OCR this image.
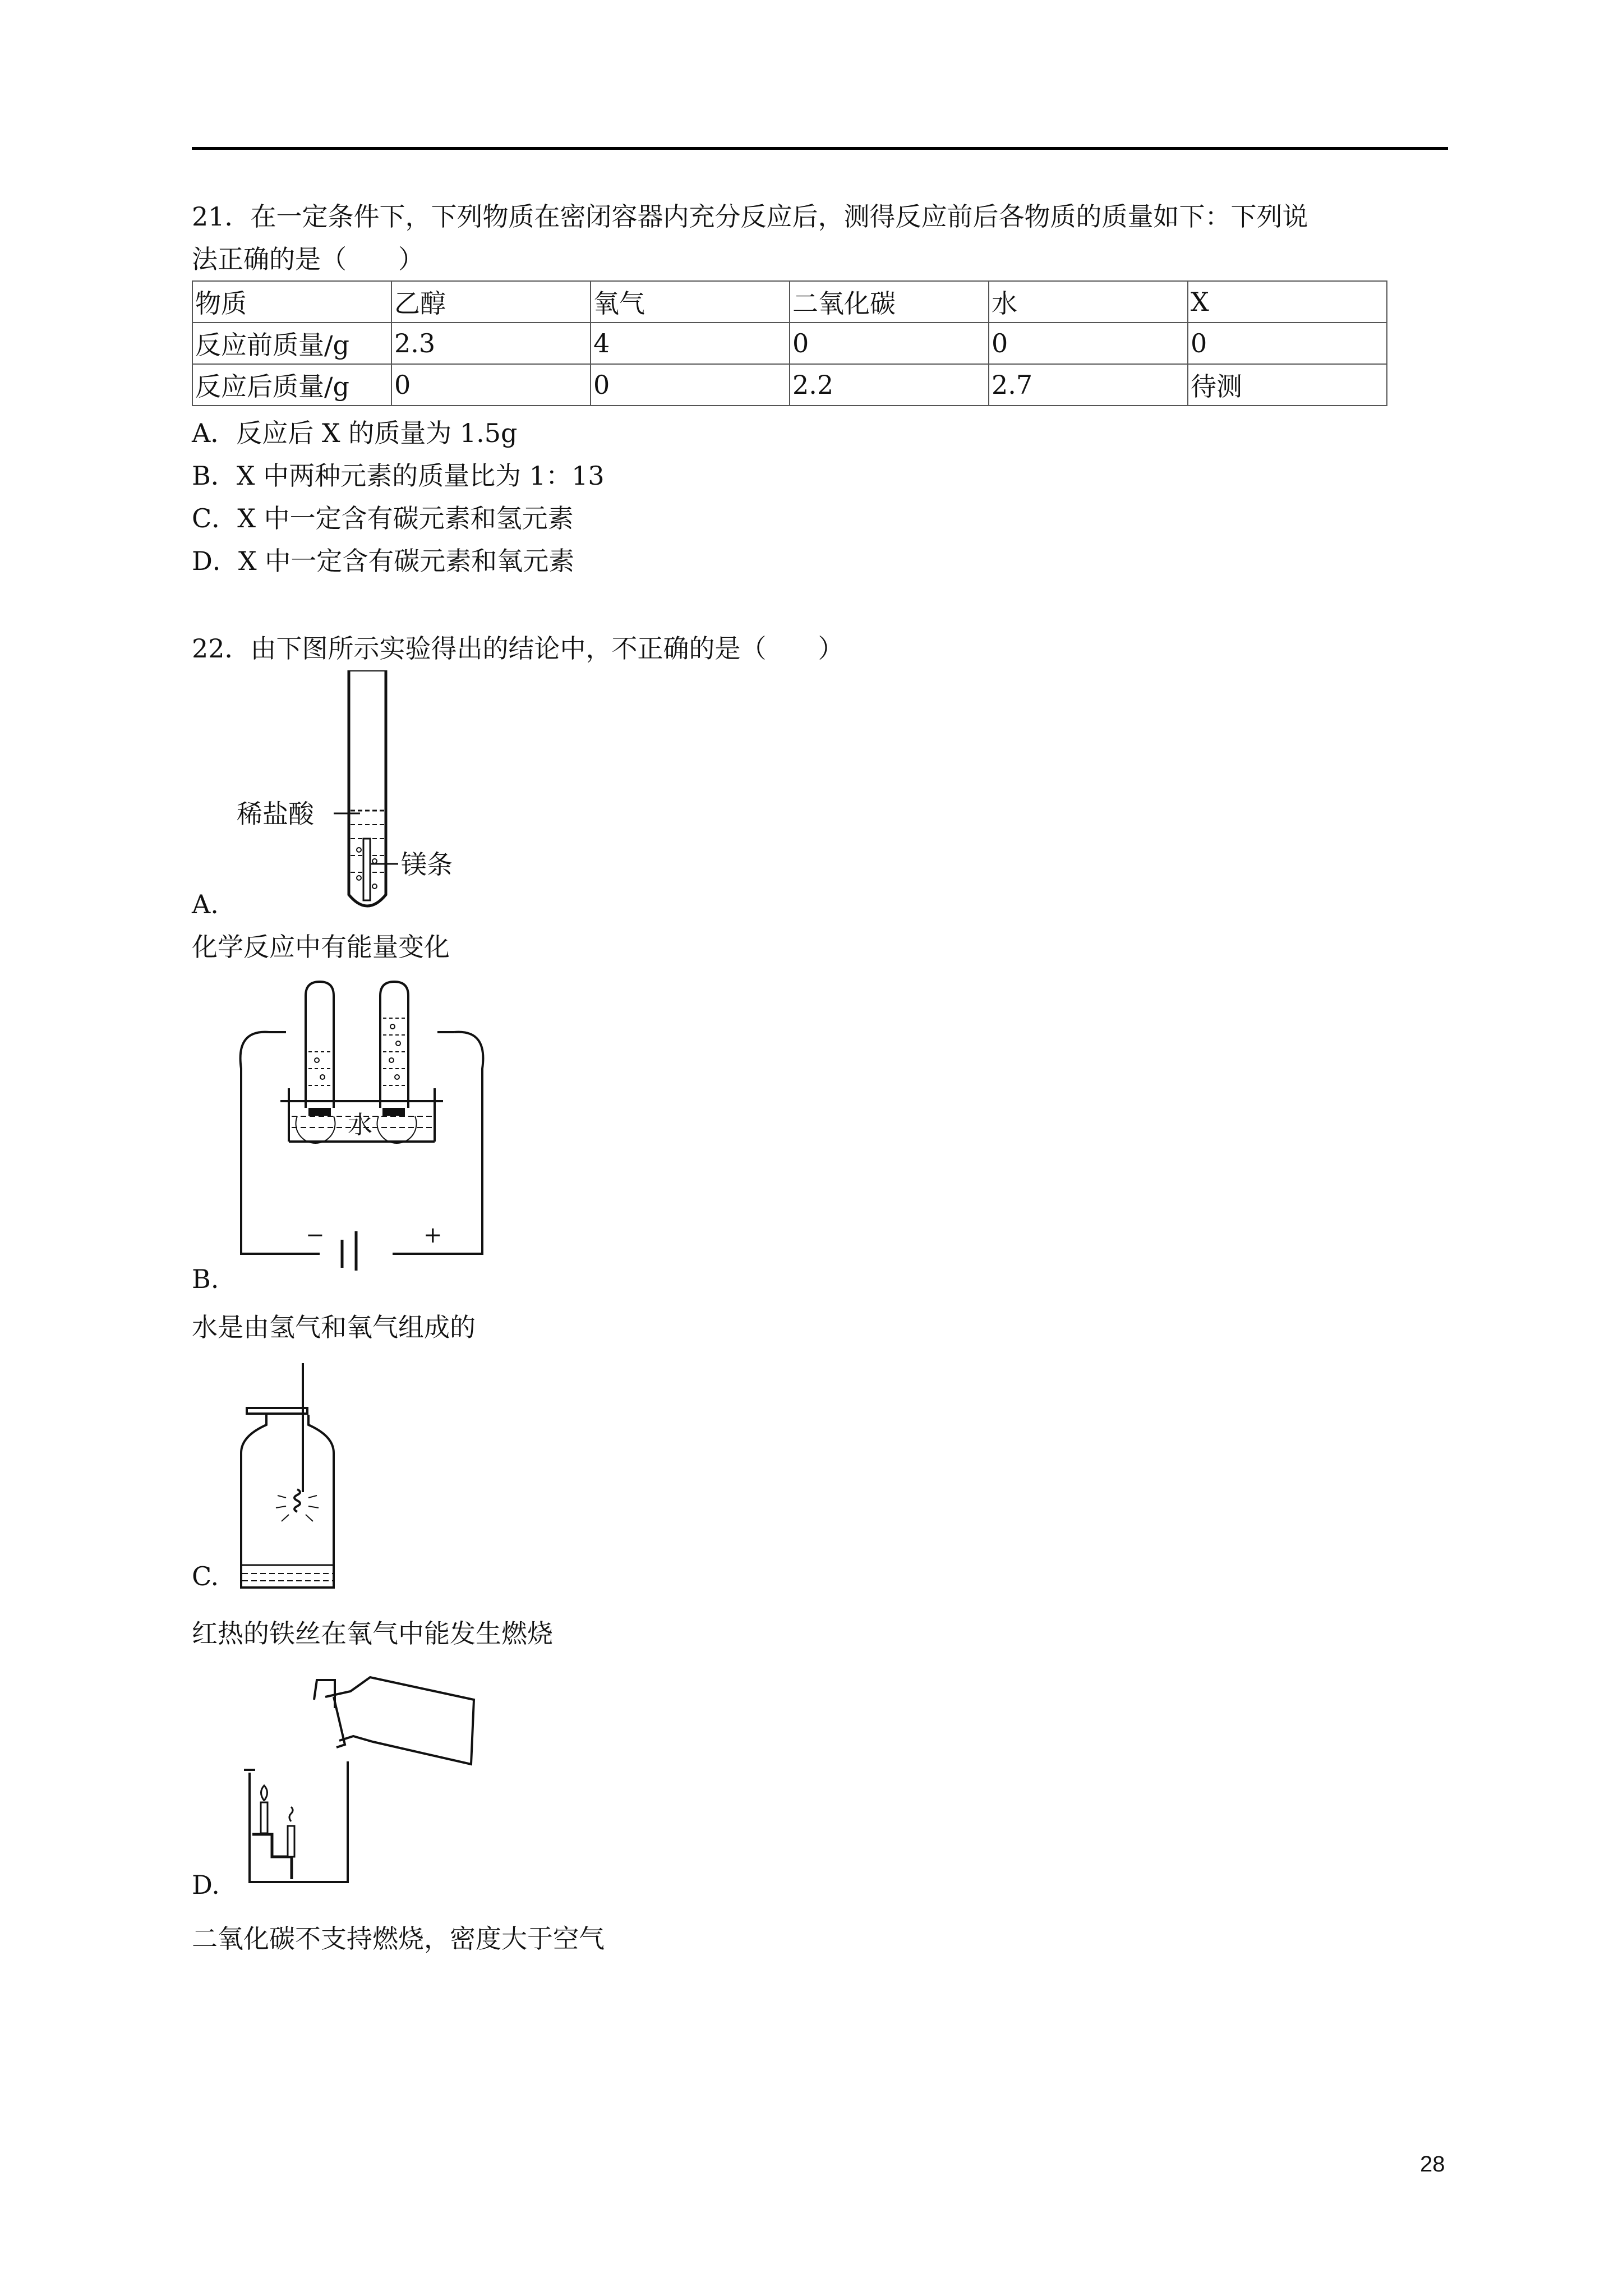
21．在一定条件下，下列物质在密闭容器内充分反应后，测得反应前后各物质的质量如下：下列说
法正确的是（　　）
物质	乙醇	氧气	二氧化碳	水	X
反应前质量/g	2.3	4	0	0	0
反应后质量/g	0	0	2.2	2.7	待测
A．反应后 X 的质量为 1.5g
B．X 中两种元素的质量比为 1：13
C．X 中一定含有碳元素和氢元素
D．X 中一定含有碳元素和氧元素
22．由下图所示实验得出的结论中，不正确的是（　　）
稀盐酸
镁条
A.
化学反应中有能量变化
水
−	+
B.
水是由氢气和氧气组成的
C.
红热的铁丝在氧气中能发生燃烧
D.
二氧化碳不支持燃烧，密度大于空气
28
